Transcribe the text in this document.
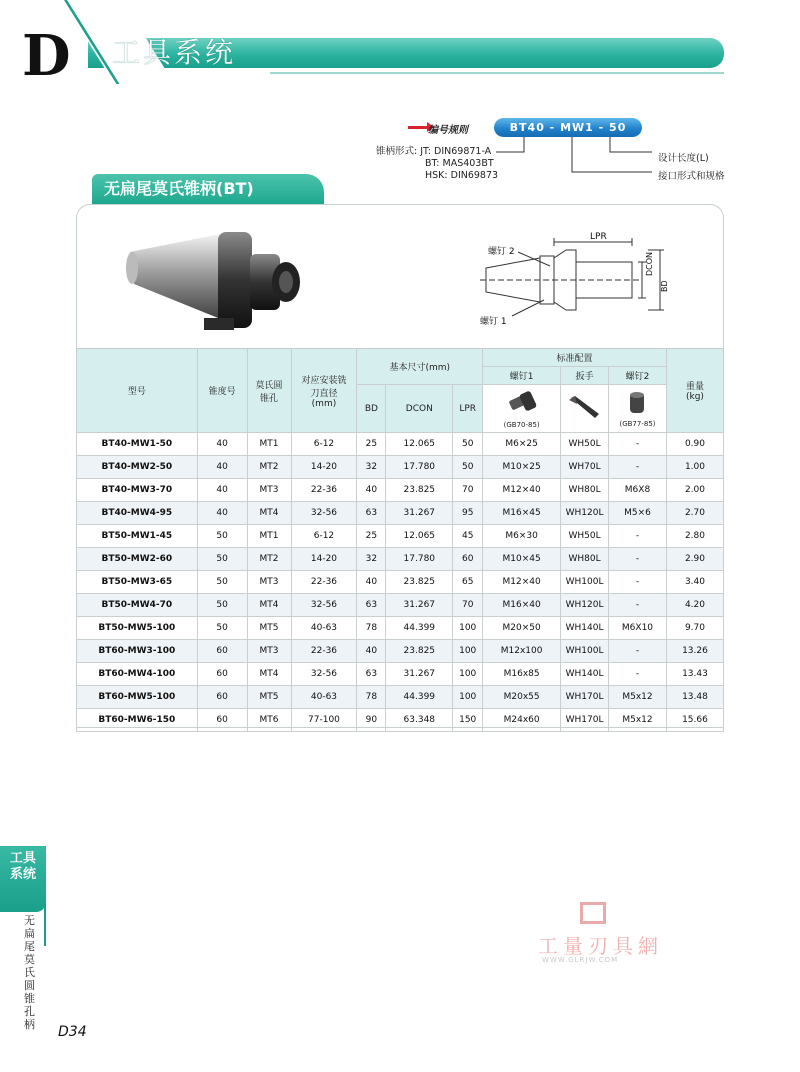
D 工具系统
编号规则	BT40 - MW1 - 50
锥柄形式: JT: DIN69871-A
BT: MAS403BT
HSK: DIN69873
设计长度(L)
接口形式和规格
无扁尾莫氏锥柄(BT)
LPR
DCON
BD
螺钉 2
螺钉 1
型号	锥度号	莫氏圆锥孔	对应安装铣刀直径(mm)	基本尺寸(mm)			标准配置			重量(kg)
							螺钉1	扳手	螺钉2	
				BD	DCON	LPR	(GB70-85)		(GB77-85)	

BT40-MW1-50	40	MT1	6-12	25	12.065	50	M6×25	WH50L	-	0.90
BT40-MW2-50	40	MT2	14-20	32	17.780	50	M10×25	WH70L	-	1.00
BT40-MW3-70	40	MT3	22-36	40	23.825	70	M12×40	WH80L	M6X8	2.00
BT40-MW4-95	40	MT4	32-56	63	31.267	95	M16×45	WH120L	M5×6	2.70
BT50-MW1-45	50	MT1	6-12	25	12.065	45	M6×30	WH50L	-	2.80
BT50-MW2-60	50	MT2	14-20	32	17.780	60	M10×45	WH80L	-	2.90
BT50-MW3-65	50	MT3	22-36	40	23.825	65	M12×40	WH100L	-	3.40
BT50-MW4-70	50	MT4	32-56	63	31.267	70	M16×40	WH120L	-	4.20
BT50-MW5-100	50	MT5	40-63	78	44.399	100	M20×50	WH140L	M6X10	9.70
BT60-MW3-100	60	MT3	22-36	40	23.825	100	M12x100	WH100L	-	13.26
BT60-MW4-100	60	MT4	32-56	63	31.267	100	M16x85	WH140L	-	13.43
BT60-MW5-100	60	MT5	40-63	78	44.399	100	M20x55	WH170L	M5x12	13.48
BT60-MW6-150	60	MT6	77-100	90	63.348	150	M24x60	WH170L	M5x12	15.66
工具系统
无扁尾莫氏圆锥孔柄 D34
工量刃具網
WWW.GLRJW.COM
